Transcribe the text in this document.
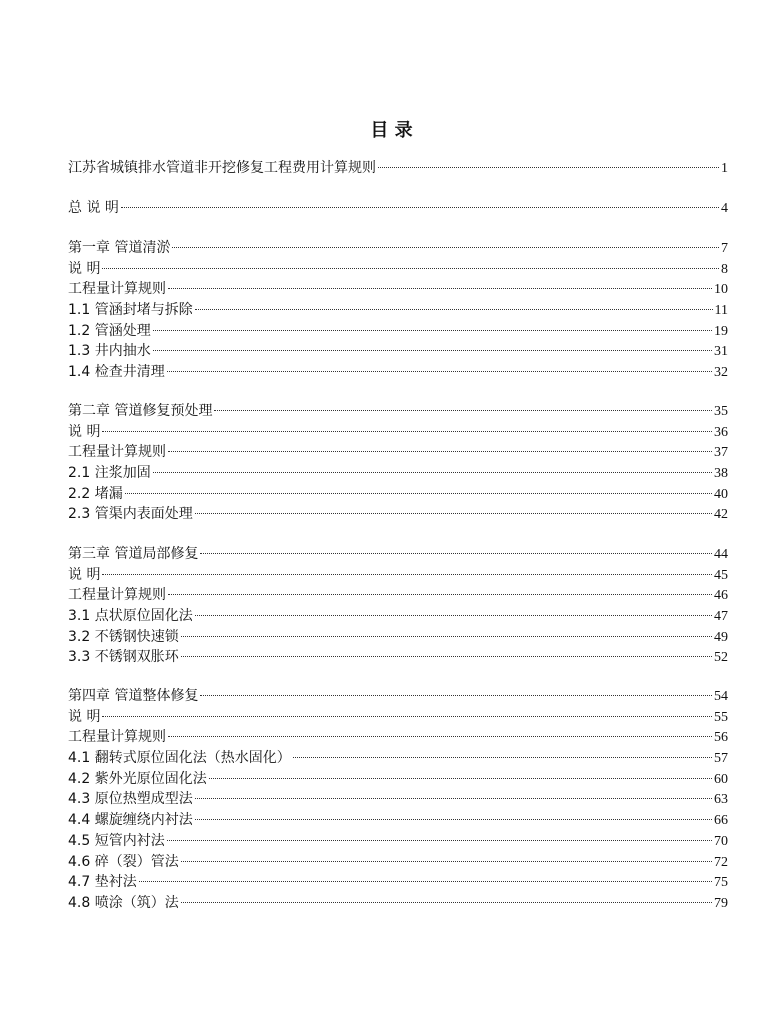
目 录
江苏省城镇排水管道非开挖修复工程费用计算规则	1
总 说 明	4
第一章 管道清淤	7
说 明	8
工程量计算规则	10
1.1 管涵封堵与拆除	11
1.2 管涵处理	19
1.3 井内抽水	31
1.4 检查井清理	32
第二章 管道修复预处理	35
说 明	36
工程量计算规则	37
2.1 注浆加固	38
2.2 堵漏	40
2.3 管渠内表面处理	42
第三章 管道局部修复	44
说 明	45
工程量计算规则	46
3.1 点状原位固化法	47
3.2 不锈钢快速锁	49
3.3 不锈钢双胀环	52
第四章 管道整体修复	54
说 明	55
工程量计算规则	56
4.1 翻转式原位固化法（热水固化）	57
4.2 紫外光原位固化法	60
4.3 原位热塑成型法	63
4.4 螺旋缠绕内衬法	66
4.5 短管内衬法	70
4.6 碎（裂）管法	72
4.7 垫衬法	75
4.8 喷涂（筑）法	79
